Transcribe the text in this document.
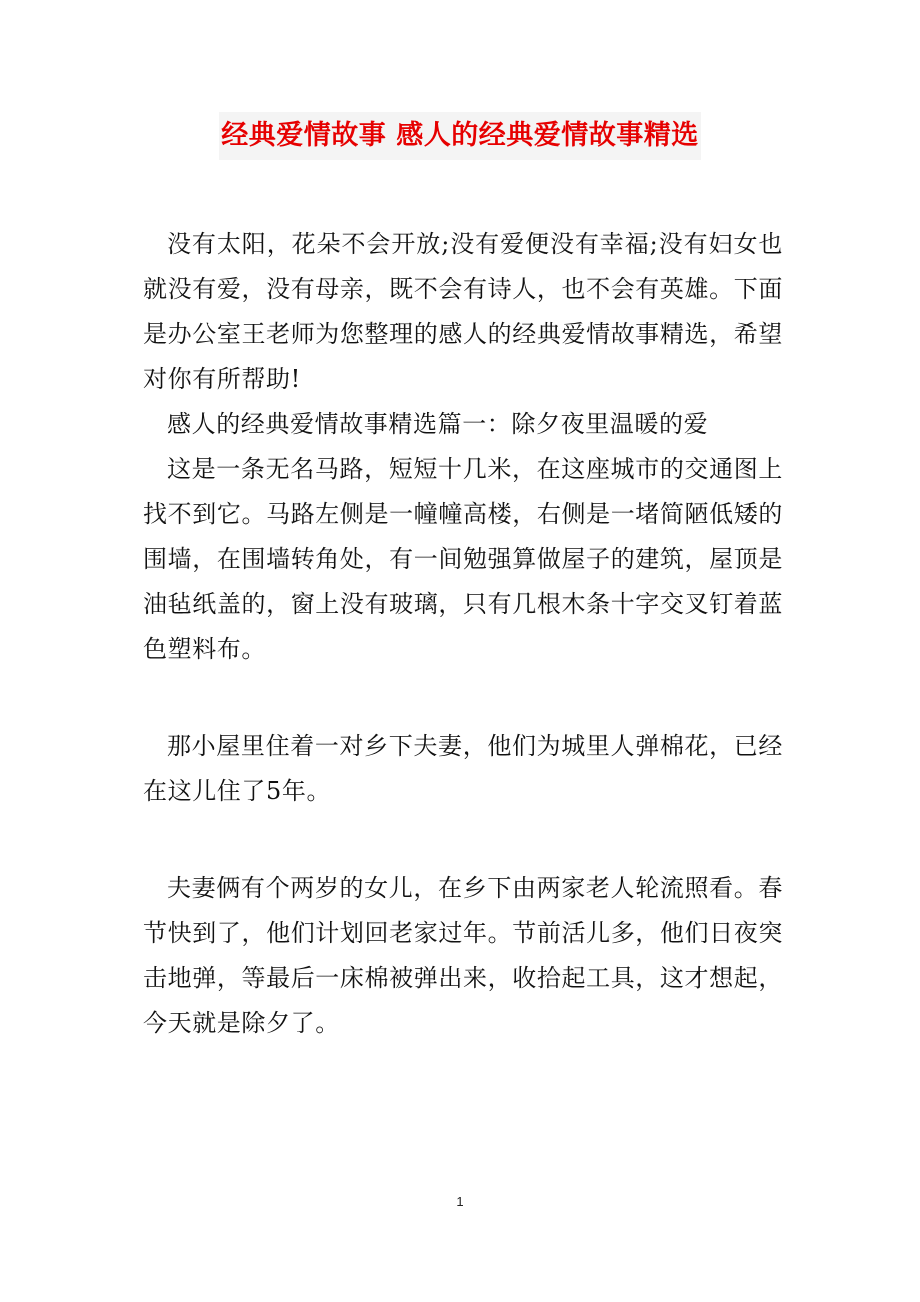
经典爱情故事 感人的经典爱情故事精选

没有太阳，花朵不会开放;没有爱便没有幸福;没有妇女也就没有爱，没有母亲，既不会有诗人，也不会有英雄。下面是办公室王老师为您整理的感人的经典爱情故事精选，希望对你有所帮助!

感人的经典爱情故事精选篇一：除夕夜里温暖的爱

这是一条无名马路，短短十几米，在这座城市的交通图上找不到它。马路左侧是一幢幢高楼，右侧是一堵简陋低矮的围墙，在围墙转角处，有一间勉强算做屋子的建筑，屋顶是油毡纸盖的，窗上没有玻璃，只有几根木条十字交叉钉着蓝色塑料布。

那小屋里住着一对乡下夫妻，他们为城里人弹棉花，已经在这儿住了5年。

夫妻俩有个两岁的女儿，在乡下由两家老人轮流照看。春节快到了，他们计划回老家过年。节前活儿多，他们日夜突击地弹，等最后一床棉被弹出来，收拾起工具，这才想起，今天就是除夕了。

1
